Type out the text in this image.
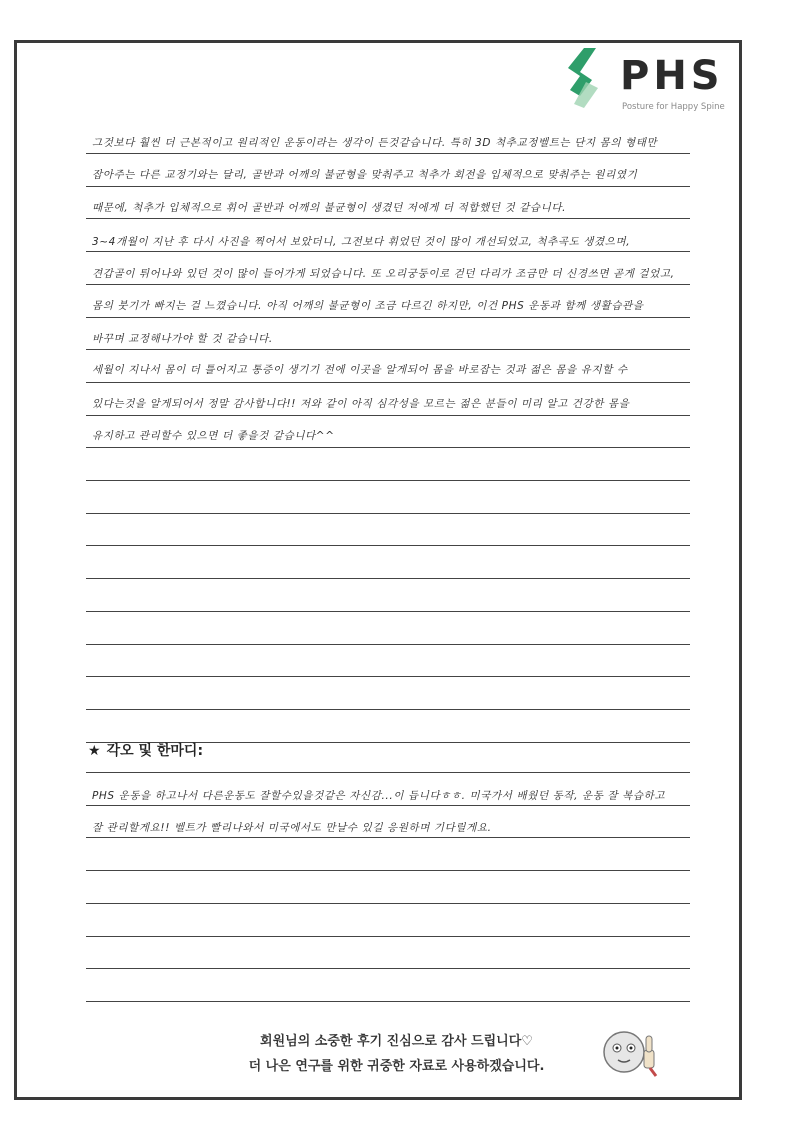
PHS
Posture for Happy Spine
그것보다 훨씬 더 근본적이고 원리적인 운동이라는 생각이 든것같습니다. 특히 3D 척추교정벨트는 단지 몸의 형태만
잡아주는 다른 교정기와는 달리, 골반과 어깨의 불균형을 맞춰주고 척추가 회전을 입체적으로 맞춰주는 원리였기
때문에, 척추가 입체적으로 휘어 골반과 어깨의 불균형이 생겼던 저에게 더 적합했던 것 같습니다.
3~4개월이 지난 후 다시 사진을 찍어서 보았더니, 그전보다 휘었던 것이 많이 개선되었고, 척추곡도 생겼으며,
견갑골이 튀어나와 있던 것이 많이 들어가게 되었습니다. 또 오리궁둥이로 걷던 다리가 조금만 더 신경쓰면 곧게 걸었고,
몸의 붓기가 빠지는 걸 느꼈습니다. 아직 어깨의 불균형이 조금 다르긴 하지만, 이건 PHS 운동과 함께 생활습관을
바꾸며 교정해나가야 할 것 같습니다.
세월이 지나서 몸이 더 틀어지고 통증이 생기기 전에 이곳을 알게되어 몸을 바로잡는 것과 젊은 몸을 유지할 수
있다는것을 알게되어서 정말 감사합니다!! 저와 같이 아직 심각성을 모르는 젊은 분들이 미리 알고 건강한 몸을
유지하고 관리할수 있으면 더 좋을것 같습니다^^
★ 각오 및 한마디:
PHS 운동을 하고나서 다른운동도 잘할수있을것같은 자신감...이 듭니다ㅎㅎ. 미국가서 배웠던 동작, 운동 잘 복습하고
잘 관리할게요!! 벨트가 빨리나와서 미국에서도 만날수 있길 응원하며 기다릴게요.
회원님의 소중한 후기 진심으로 감사 드립니다♡
더 나은 연구를 위한 귀중한 자료로 사용하겠습니다.
